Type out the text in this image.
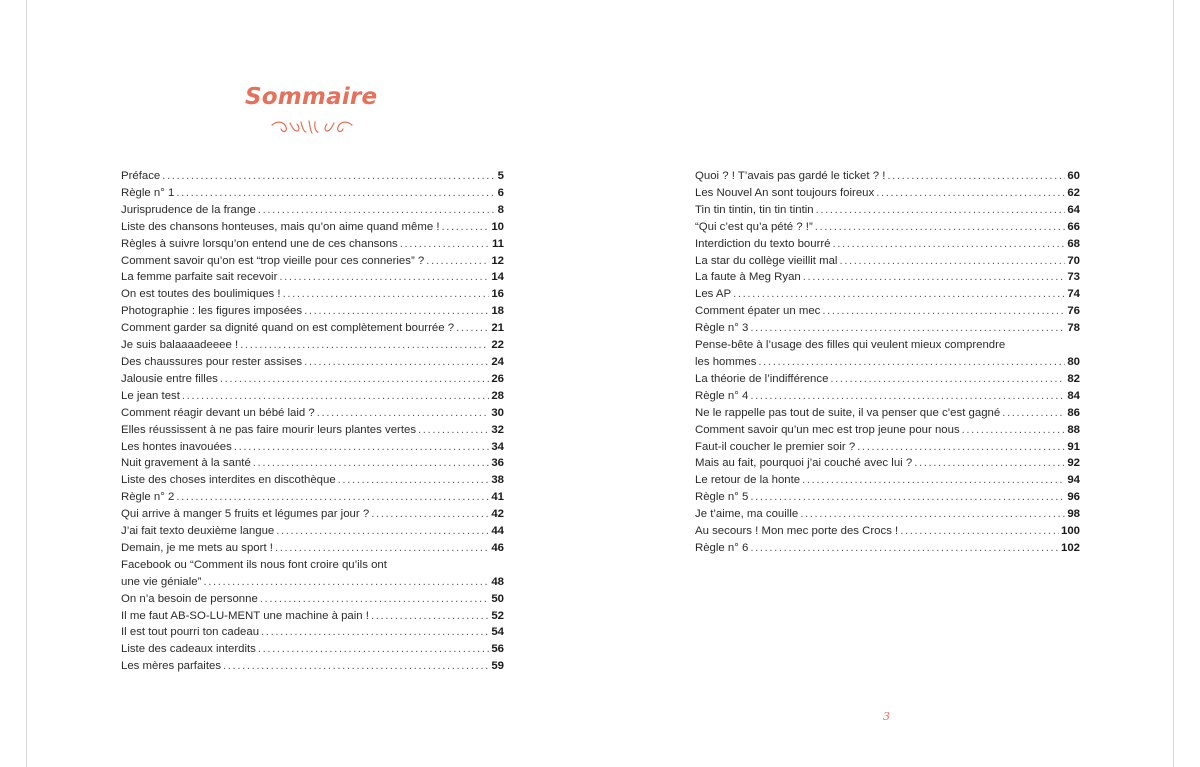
Sommaire
Préface .....	5
Règle n° 1 .....	6
Jurisprudence de la frange .....	8
Liste des chansons honteuses, mais qu’on aime quand même ! .....	10
Règles à suivre lorsqu’on entend une de ces chansons .....	11
Comment savoir qu’on est “trop vieille pour ces conneries” ? .....	12
La femme parfaite sait recevoir .....	14
On est toutes des boulimiques ! .....	16
Photographie : les figures imposées .....	18
Comment garder sa dignité quand on est complètement bourrée ? .....	21
Je suis balaaaadeeee ! .....	22
Des chaussures pour rester assises .....	24
Jalousie entre filles .....	26
Le jean test .....	28
Comment réagir devant un bébé laid ? .....	30
Elles réussissent à ne pas faire mourir leurs plantes vertes .....	32
Les hontes inavouées .....	34
Nuit gravement à la santé .....	36
Liste des choses interdites en discothèque .....	38
Règle n° 2 .....	41
Qui arrive à manger 5 fruits et légumes par jour ? .....	42
J’ai fait texto deuxième langue .....	44
Demain, je me mets au sport ! .....	46
Facebook ou “Comment ils nous font croire qu’ils ont
une vie géniale” .....	48
On n’a besoin de personne .....	50
Il me faut AB-SO-LU-MENT une machine à pain ! .....	52
Il est tout pourri ton cadeau .....	54
Liste des cadeaux interdits .....	56
Les mères parfaites .....	59
Quoi ? ! T’avais pas gardé le ticket ? ! .....	60
Les Nouvel An sont toujours foireux .....	62
Tin tin tintin, tin tin tintin .....	64
“Qui c’est qu’a pété ? !” .....	66
Interdiction du texto bourré .....	68
La star du collège vieillit mal .....	70
La faute à Meg Ryan .....	73
Les AP .....	74
Comment épater un mec .....	76
Règle n° 3 .....	78
Pense-bête à l’usage des filles qui veulent mieux comprendre
les hommes .....	80
La théorie de l’indifférence .....	82
Règle n° 4 .....	84
Ne le rappelle pas tout de suite, il va penser que c’est gagné .....	86
Comment savoir qu’un mec est trop jeune pour nous .....	88
Faut-il coucher le premier soir ? .....	91
Mais au fait, pourquoi j’ai couché avec lui ? .....	92
Le retour de la honte .....	94
Règle n° 5 .....	96
Je t’aime, ma couille .....	98
Au secours ! Mon mec porte des Crocs ! .....	100
Règle n° 6 .....	102
3
